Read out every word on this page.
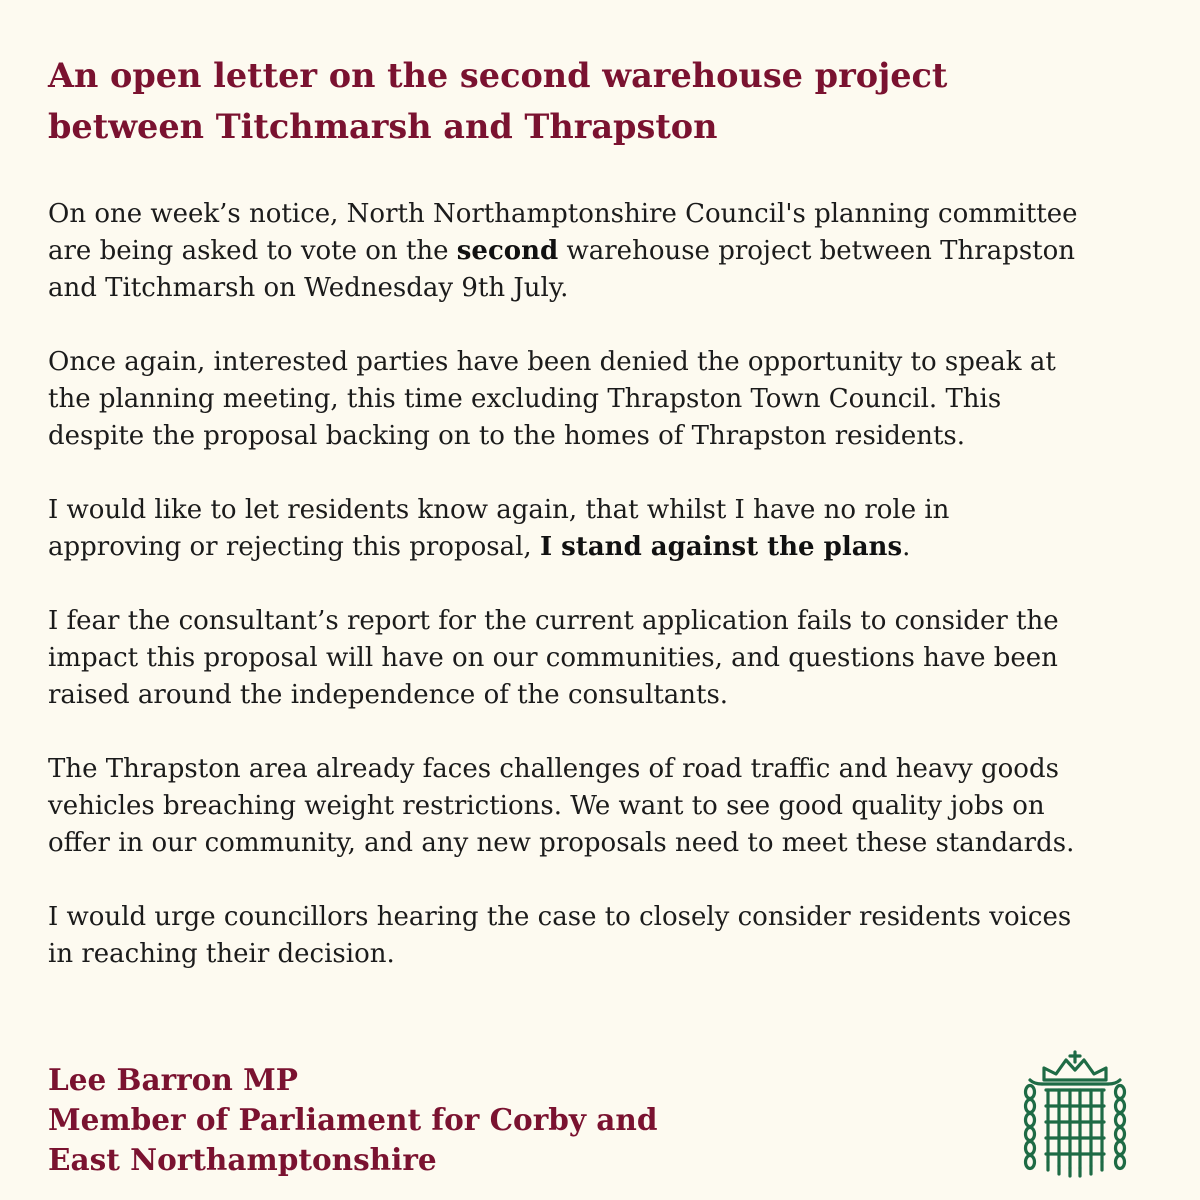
An open letter on the second warehouse project
between Titchmarsh and Thrapston

On one week’s notice, North Northamptonshire Council's planning committee
are being asked to vote on the second warehouse project between Thrapston
and Titchmarsh on Wednesday 9th July.

Once again, interested parties have been denied the opportunity to speak at
the planning meeting, this time excluding Thrapston Town Council. This
despite the proposal backing on to the homes of Thrapston residents.

I would like to let residents know again, that whilst I have no role in
approving or rejecting this proposal, I stand against the plans.

I fear the consultant’s report for the current application fails to consider the
impact this proposal will have on our communities, and questions have been
raised around the independence of the consultants.

The Thrapston area already faces challenges of road traffic and heavy goods
vehicles breaching weight restrictions. We want to see good quality jobs on
offer in our community, and any new proposals need to meet these standards.

I would urge councillors hearing the case to closely consider residents voices
in reaching their decision.

Lee Barron MP
Member of Parliament for Corby and
East Northamptonshire
